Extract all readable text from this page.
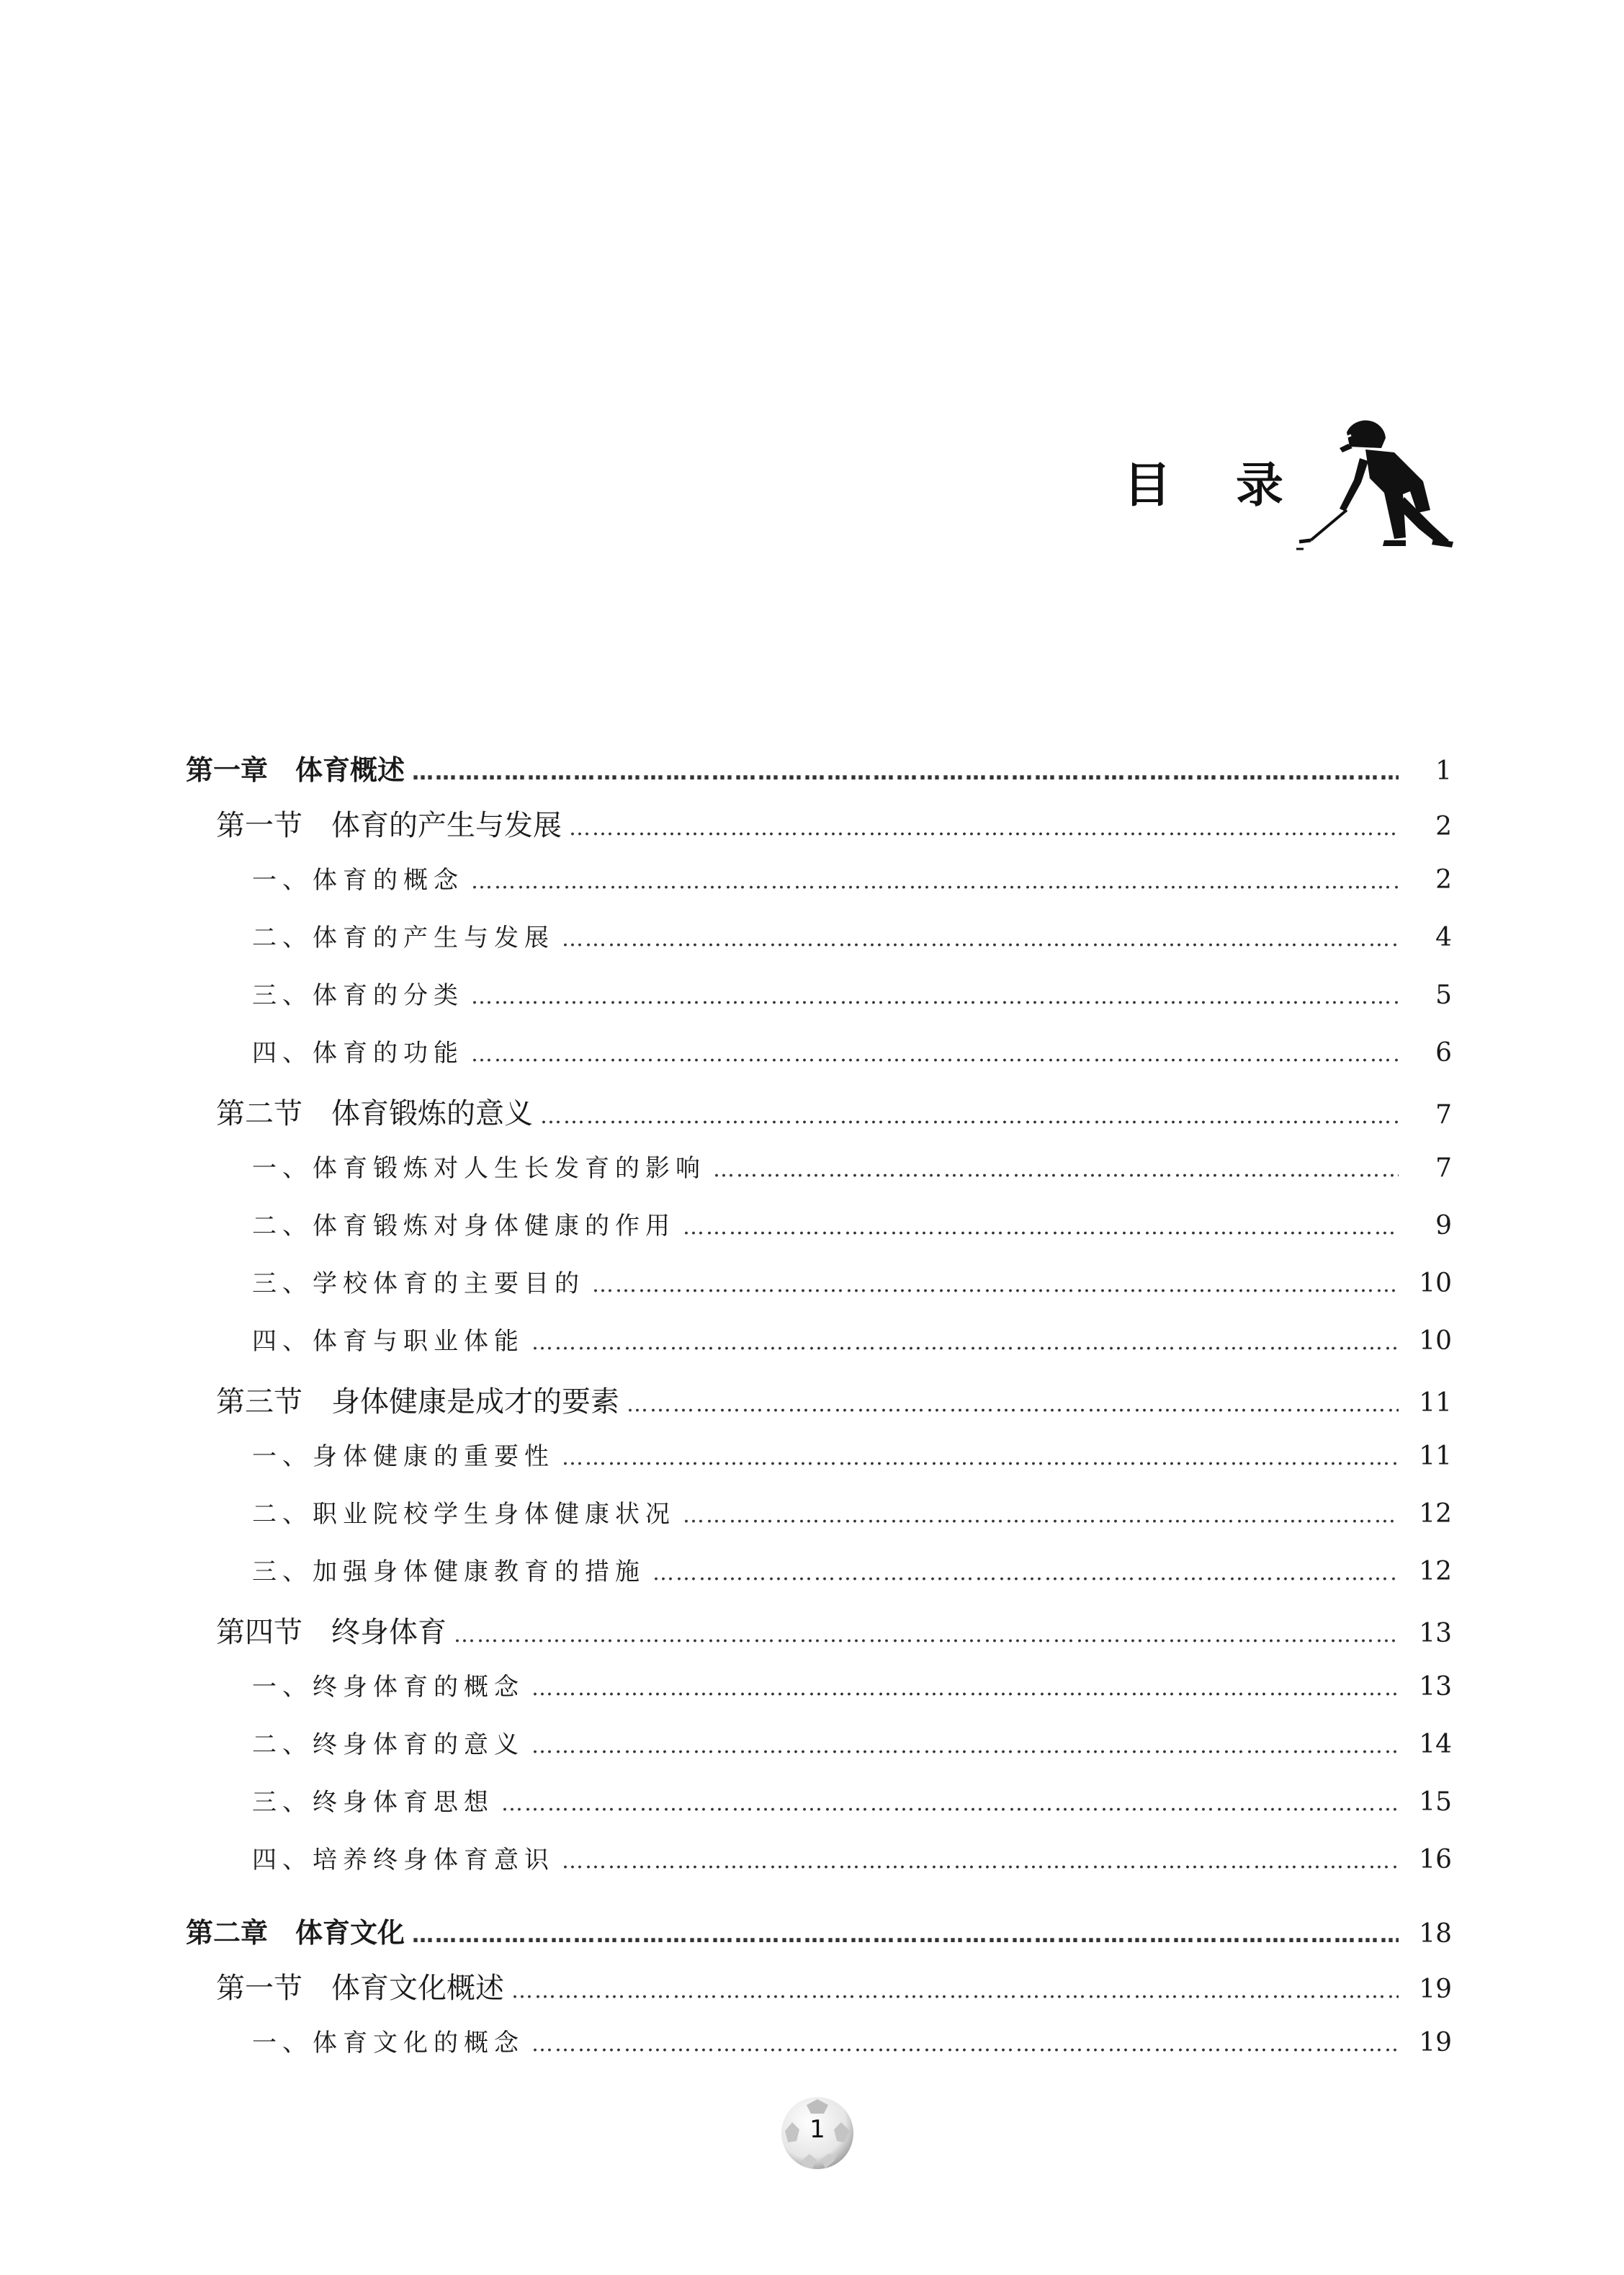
目 录
第一章　体育概述 …………………………………………………………………………………………………………………………………………………………………………………………………………………	1
第一节　体育的产生与发展 …………………………………………………………………………………………………………………………………………………………………………………………………………………	2
一、体育的概念 …………………………………………………………………………………………………………………………………………………………………………………………………………………	2
二、体育的产生与发展 …………………………………………………………………………………………………………………………………………………………………………………………………………………	4
三、体育的分类 …………………………………………………………………………………………………………………………………………………………………………………………………………………	5
四、体育的功能 …………………………………………………………………………………………………………………………………………………………………………………………………………………	6
第二节　体育锻炼的意义 …………………………………………………………………………………………………………………………………………………………………………………………………………………	7
一、体育锻炼对人生长发育的影响 …………………………………………………………………………………………………………………………………………………………………………………………………………………	7
二、体育锻炼对身体健康的作用 …………………………………………………………………………………………………………………………………………………………………………………………………………………	9
三、学校体育的主要目的 …………………………………………………………………………………………………………………………………………………………………………………………………………………	10
四、体育与职业体能 …………………………………………………………………………………………………………………………………………………………………………………………………………………	10
第三节　身体健康是成才的要素 …………………………………………………………………………………………………………………………………………………………………………………………………………………	11
一、身体健康的重要性 …………………………………………………………………………………………………………………………………………………………………………………………………………………	11
二、职业院校学生身体健康状况 …………………………………………………………………………………………………………………………………………………………………………………………………………………	12
三、加强身体健康教育的措施 …………………………………………………………………………………………………………………………………………………………………………………………………………………	12
第四节　终身体育 …………………………………………………………………………………………………………………………………………………………………………………………………………………	13
一、终身体育的概念 …………………………………………………………………………………………………………………………………………………………………………………………………………………	13
二、终身体育的意义 …………………………………………………………………………………………………………………………………………………………………………………………………………………	14
三、终身体育思想 …………………………………………………………………………………………………………………………………………………………………………………………………………………	15
四、培养终身体育意识 …………………………………………………………………………………………………………………………………………………………………………………………………………………	16
第二章　体育文化 …………………………………………………………………………………………………………………………………………………………………………………………………………………	18
第一节　体育文化概述 …………………………………………………………………………………………………………………………………………………………………………………………………………………	19
一、体育文化的概念 …………………………………………………………………………………………………………………………………………………………………………………………………………………	19
1
